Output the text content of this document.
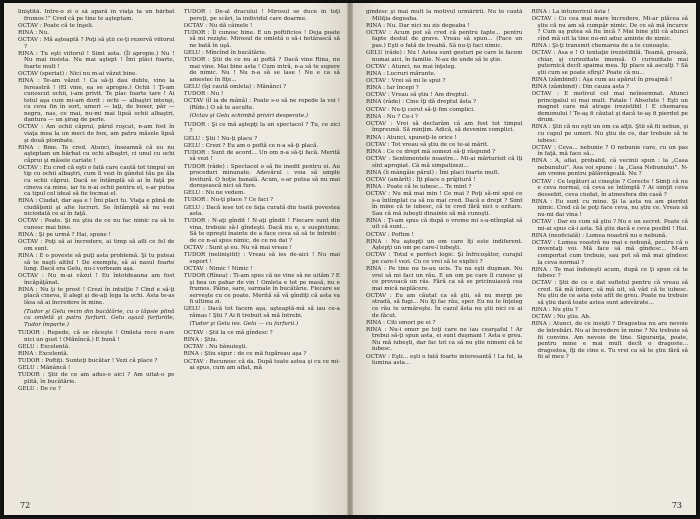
liniştită. Între-o zi o să apară în viaţa ta un bărbat frumos !” Cred că pe tine te aşteptam.
OCTAV : Poate că te înşeli.
RINA : Nu.
OCTAV : Mă aşteaptă ? Poţi să ştii ce-ţi rezervă viitorul ?
RINA : Tu eşti viitorul ! Simt asta. (Îl apropie.) Nu ! Nu mai insista. Nu mai aştept ! Îmi plăci foarte, foarte mult !
OCTAV (speriat) : Nici nu m-ai văzut bine.
RINA : Te-am văzut ! Ca să-ţi dau dublu, vino la fereastră ! (El vine, ea se apropie.) Ochii ! Ţi-am cunoscut ochii, i-am privit. Te plac foarte tare ! Ai totul aşa cum mi-am dorit : ochi — albaştri intenşi, cu ceva fin în sort, umeri — laţi, de boxer, păr — negru, nas, ce mai, nu-mi mai lipsă ochii albaştri, dantura — un şirag de perle.
OCTAV : Am ochii căprui, părul roşcat, n-am fost în viaţa mea la un meci de box, am patru măsele lipsă şi două plombate.
RINA : Bine. Te cred. Atunci, înseamnă că eu nu aşteptam un bărbat cu ochi albaştri, ci unul cu ochi căprui şi măsele cariate !
OCTAV : Eu cred că eşti o fată care caută tot timpul un tip cu ochii albaştri, cum îl vezi în gândul tău pe ăla cu ochii căprui. Dacă se întâmplă să ai în faţă pe cineva ca mine, iar tu n-ai ochii pentru el, s-ar putea ca tipul cel ideal să fie tocmai el.
RINA : Ciudat, dar aşa e ! Îmi placi tu. Viaţa e plină de ciudăţenii şi alte lucruri. Se întâmplă să nu vezi niciodată ce ai în faţă.
OCTAV : Poate. Şi nu ştiu de ce nu fac nimic ca să te cunosc mai bine.
RINA : Şi pe urmă ? Hai, spune !
OCTAV : Poţi să ai încredere, ai timp să afli ce fel de om sunt.
RINA : E o poveste să puţi asta problemă. Şi tu puteai să te naşti altfel ! De exemplu, să ai nasul foarte lung. Dacă era Gelu, nu-i vorbeam aşa.
OCTAV : Nu m-ai văzut ! Eu întotdeauna am fost încăpăţânat.
RINA : Nu ţi te prost ! Crezi în intuiţie ? Cînd e să-ţi placă cineva, îl alegi şi de-aţi lega la ochi. Asta te-as lăsa să ai încredere în mine.
(Tudor şi Gelu recin din bucătărie, cu o tăpsie plină cu omletă şi patru farfurii. Gelu aşază farfuriile, Tudor împarte.)
TUDOR : Repede, că se răceşte ! Omleta rece n-are nici un gust ! (Mănîncă.) E bună !
GELU : Excelentă.
RINA : Excelentă.
TUDOR : Poftiţi. Sunteţi bucătar ! Vezi că place ?
GELU : Mănâncă !
TUDOR : Ştii de ce am adus-o aici ? Am uitat-o pe plită, în bucătărie.
GELU : De ce ?
TUDOR : De-al dracului ! Mirosul se duce în toţi pereţi, pe scări, la individul care doarme.
OCTAV : Nu dă câinele !
TUDOR : Îl cunosc bine. E un poftificios ! Deja poate să mi rezişte. Mirosul de omletă o să-i hotărască să ne bată în uşă.
GELU : Mîncînd în bucătărie.
TUDOR : Ştii de ce nu ai poftă ? Dacă vine Rina, nu mai vine. Mai bine asta ! Cum intră, n-a să te supere de nimic. Nu ! Nu n-a să se lase ! Nu e ca să amestec în fiţe...
GELU (îşi caută omleta) : Mănânci ?
TUDOR : Nu !
OCTAV (îl ia de mână) : Poate s-o să ne repede la voi ! (Rîde.) O să te asculte.
(Octav şi Gelu schimbă priviri desperate.)
TUDOR : Şi ce mă aştepţi la un spectacol ? Tu, ce zici ?
GELU : Ştii ! Nu-ţi place ?
GELU : Crezi ? Eu am o poftă ce n-a să-ţi placă.
TUDOR : Sunt de acord... Un om n-a să-ţi facă. Merită să vezi !
TUDOR (râde) : Spectacol o să fie inedit pentru ei. Au proceduri minunate. Adevărul : voia să umple lovitură. O hoţie banală. Acum, s-ar putea să nu mai doreşească nici să fure.
GELU : Nu ne vedem.
TUDOR : Nu-ţi place ? Ce faci ?
GELU : Dacă iese tot ce faţa curată din toată povestea asta.
TUDOR : N-aţi gîndit ! N-aţi gîndit ! Fiecare sunt din vina, trebuie să-l gîndeşti. Dacă nu e, e suspiciune. Să te opreşti înainte de a face ceva să să te întrebi : de ce n-ai spus nimic, de ce nu dai ?
OCTAV : Sunt şi eu. Nu vă mai vreau !
TUDOR (nelinişitit) : Vreau să ies de-aici ! Nu mai suport !
OCTAV : Nimic ! Nimic !
TUDOR (Rînea) : Ti-am spus că ne vine să ne uităm ? E şi bea un pahar de vin ! Omleta e tot pe masă, nu e frumos. Pâine, sare, sarmale în bucătărie. Fiecare se serveşte cu ce poate. Merită să vă gîndiţi că asta va fi ultima zi.
GELU : Dacă tot facem aşa, aşteaptă-mă să iau ce-a rămas ! Ştii ? Ai fi trebuit să mă întrebi.
(Tudor şi Gelu ies. Gelu — cu farfurii.)
OCTAV : Ştii la ce mă gîndesc ?
RINA : Ştiu.
OCTAV : Nu bănuieşti.
RINA : Ştiu sigur : de ce mă fugăreau aşa ?
OCTAV : Recunosc că da. După toate astea şi cu ce mi-ai spus, cum am aflat, mă
72
gîndesc şi mai mult la motivul urmăririi. Nu te caută Miliţia degeaba.
RINA : Nu. Dar nici nu zis degeaba !
OCTAV : Acum pot să cred că pentru fapte... pentru fapte destul de grave. Vreau să spun... (Face un pas.) Eşti o fată de treabă. Să nu-ţi faci nimic.
GELU (râde) : Nu ! Astea sunt gesturi pe care le facem numai aici, în familie. N-au de unde să le ştie.
OCTAV : Atunci, nu mai înţeleg.
RINA : Lucruri mărunte.
OCTAV : Vrei să mi le spui ?
RINA : Iar începi ?
OCTAV : Vreau să ştiu ! Am dreptul.
RINA (râde) : Cine îţi dă dreptul ăsta ?
OCTAV : Nu-ţi cerut să-ţi fim complici.
RINA : Nu ? Ce-i ?
OCTAV : Vrei să declarăm că am fost tot timpul împreună. Să minţim. Adică, să devenim complici.
RINA : Atunci, spuneţi-le orice !
OCTAV : Tot vreau să ştiu de ce te-ai mărit.
RINA : Ce ce drept mă somezi să-ţi răspund ?
OCTAV : Sentimentele noastre... Mi-ai mărturisit că îţi sînt apropiat. Că mă simpatizezi...
RINA (îi mângâie părul) : Îmi placi foarte mult.
OCTAV (amărît) : Îţi place o prăjitură !
RINA : Poate că te iubesc... Te mint ?
OCTAV : Nu mă mai min ! Ce mai ? Poţi să-mi spui ce s-a întîmplat ca să nu mai cred. Dacă e drept ? Simt în mine că te iubesc, că te cred fără nici o ezitare. Sau că mă iubeşti dinainte să mă cunoşti.
RINA : Ţi-am spus că după o vreme mi s-a-ntîmplat să uit că sunt...
OCTAV : Poftim !
RINA : Nu aştepţi un om care îţi este indiferent. Aştepţi un om pe care-l iubeşti.
OCTAV : Totul e perfect logic. Şi înfricoşător, curajul pe care-l vezi. Cu ce vrei să te explici ?
RINA : Pe tine nu te-au ucis. Tu nu eşti duşman. Nu vrei să mi faci un rău. E un om pe care îl cunosc şi ce provoacă un râs. Fără ca să se pricinuiască cea mai mică neplăcere.
OCTAV : Eu am căutat ca să ştii, să nu mergi pe stradă, să fugi... Nu îţi fac rău, sper. Eu nu te înţeleg ce rău te urmăreşte. În cazul ăsta nu ştii nici ce ai de făcut.
RINA : Citi omori pe ei ?
RINA : Nu-i omor pe toţi care ne iau cearşaful ! Ar trebui să-ţi spun asta, ei sunt duşmani ! Asta e greu. Nu mă iubeşti, dar fac tot ca să nu ştie nimeni că te iubesc.
OCTAV : Eşti... eşti o fată foarte interesantă ! La fel, la lumina asta...
RINA : La întunericul ăsta !
OCTAV : Cu cea mai mare încredere. Mi-ar plăcea să ştiu că nu am să cumpăr nimic. De ce să mă încurce ? Cum aş putea să fiu încă ? Mai bine ştii că atunci cînd mă uit la tine nu-mi aduc aminte de nimic.
RINA : Şi-ţi transmit chemarea de a te cunoaşte.
OCTAV : Asa e ! O tentaţie irezistibilă. Teamă, groază, chiar, şi curiozitate imensă. O curiozitate mai puternică decît spaima mea. Îţi place să asculţi ? Să ştii cum se poate sfîrşi? Poate că nu...
RINA (zâmbind) : Aşa cum au apărut în preajmă !
RINA (zâmbind) : Din cauza asta ?
OCTAV : E motivul cel mai neînsemnat. Atunci principalul ei mai mult. Fatale ! Absolute ! Eşti un magnet care mă atrage irezistibil ! E chemarea demonului ! Te-aş fi căutat şi dacă te-aş fi pierdut pe drum.
RINA : Ştii că nu eşti un om ca alţii. Ştii să fii nebun, şi cu capul pe umeri. Nu ştiu de ce, dar trebuie să te iubesc.
OCTAV : Ceva... nebunie ? O nebunie care, cu un pas în faţă, mă face să...
RINA : A, aflai, probabil, că vecinii spun : la „Casa nebunului”. Asa voi spune : la „Casa Nebunului”. N-am vreme pentru pălăvrăgeală. Nu ?
OCTAV : Ce legături ai cineştie ? Corecte ! Simţi că nu e ceva normal, că ceva se întîmplă ? Ai simţit ceva deosebit, ceva ciudat, în atmosfera din casă ?
RINA : Eu sunt cu mine. Şi la asta nu am pierdut nimic. Cred că le poţi face ceva, nu ştiu ce. Vreau să nu-mi dai vina !
OCTAV : Dar eu cum să ştiu ? Nu e un secret. Poate că mi-ai spus că-i asta. Să ştiu dacă e ceva posibil ! Hai.
RINA (neoficială) : Lumea noastră nu e nebună.
OCTAV : Lumea voastră nu mai e nebună, pentru că o inventaţi voi. Mă face să mă gîndesc... M-am comportat cum trebuie, sau pot să mă mai gîndesc la ceva normal ?
RINA : Te mai îndoieşti acum, după ce ţi spun că te iubesc ?
OCTAV : Ştii de ce e dat sufletul pentru că vreau să cred. Să mă întorc, să mă uit, să văd că te iubesc. Nu ştiu de ce asta este atît de greu. Poate nu trebuie să ştiu dacă toate astea sunt adevărate...
RINA : Nu ştiu ?
OCTAV : Nu ştiu. Ah.
RINA : Atunci, de ce insişti ? Dragostea nu are nevoie de întrebări. Nu ai încredere în mine ? Nu trebuie să fii convins. Am nevoie de tine. Siguranţa, poate, pentru mine e mai mult decît o dragoste... dragostea, îţi de cine e. Tu vrei ca să te ştiu fără să fii al meu ?
73
